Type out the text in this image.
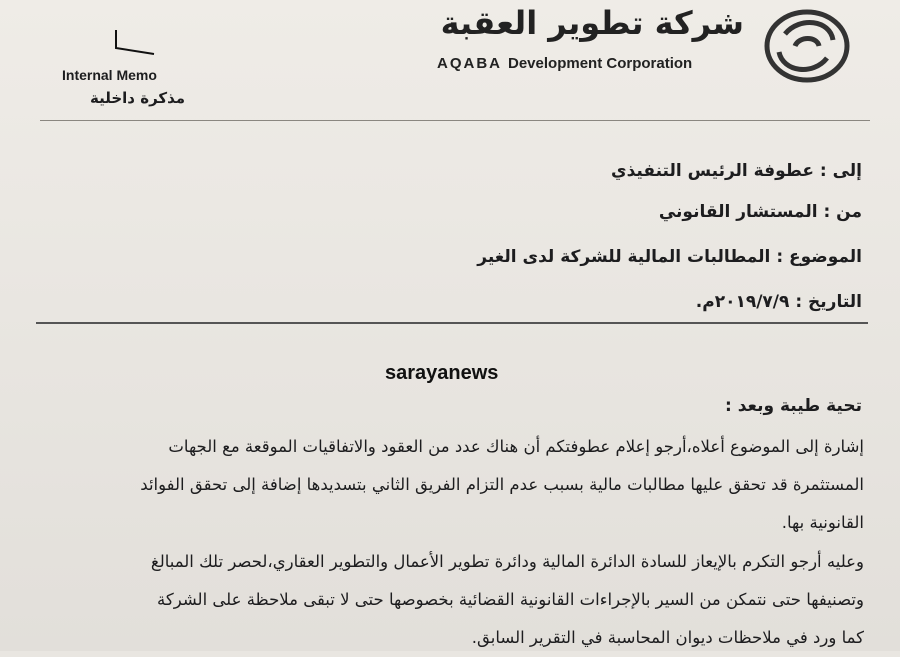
شركة تطوير العقبة
AQABA Development Corporation
Internal Memo
مذكرة داخلية
إلى : عطوفة الرئيس التنفيذي
من : المستشار القانوني
الموضوع : المطالبات المالية للشركة لدى الغير
التاريخ : ٢٠١٩/٧/٩م.
sarayanews
تحية طيبة وبعد :
إشارة إلى الموضوع أعلاه،أرجو إعلام عطوفتكم أن هناك عدد من العقود والاتفاقيات الموقعة مع الجهات
المستثمرة قد تحقق عليها مطالبات مالية بسبب عدم التزام الفريق الثاني بتسديدها إضافة إلى تحقق الفوائد
القانونية بها.
وعليه أرجو التكرم بالإيعاز للسادة الدائرة المالية ودائرة تطوير الأعمال والتطوير العقاري،لحصر تلك المبالغ
وتصنيفها حتى نتمكن من السير بالإجراءات القانونية القضائية بخصوصها حتى لا تبقى ملاحظة على الشركة
كما ورد في ملاحظات ديوان المحاسبة في التقرير السابق.
